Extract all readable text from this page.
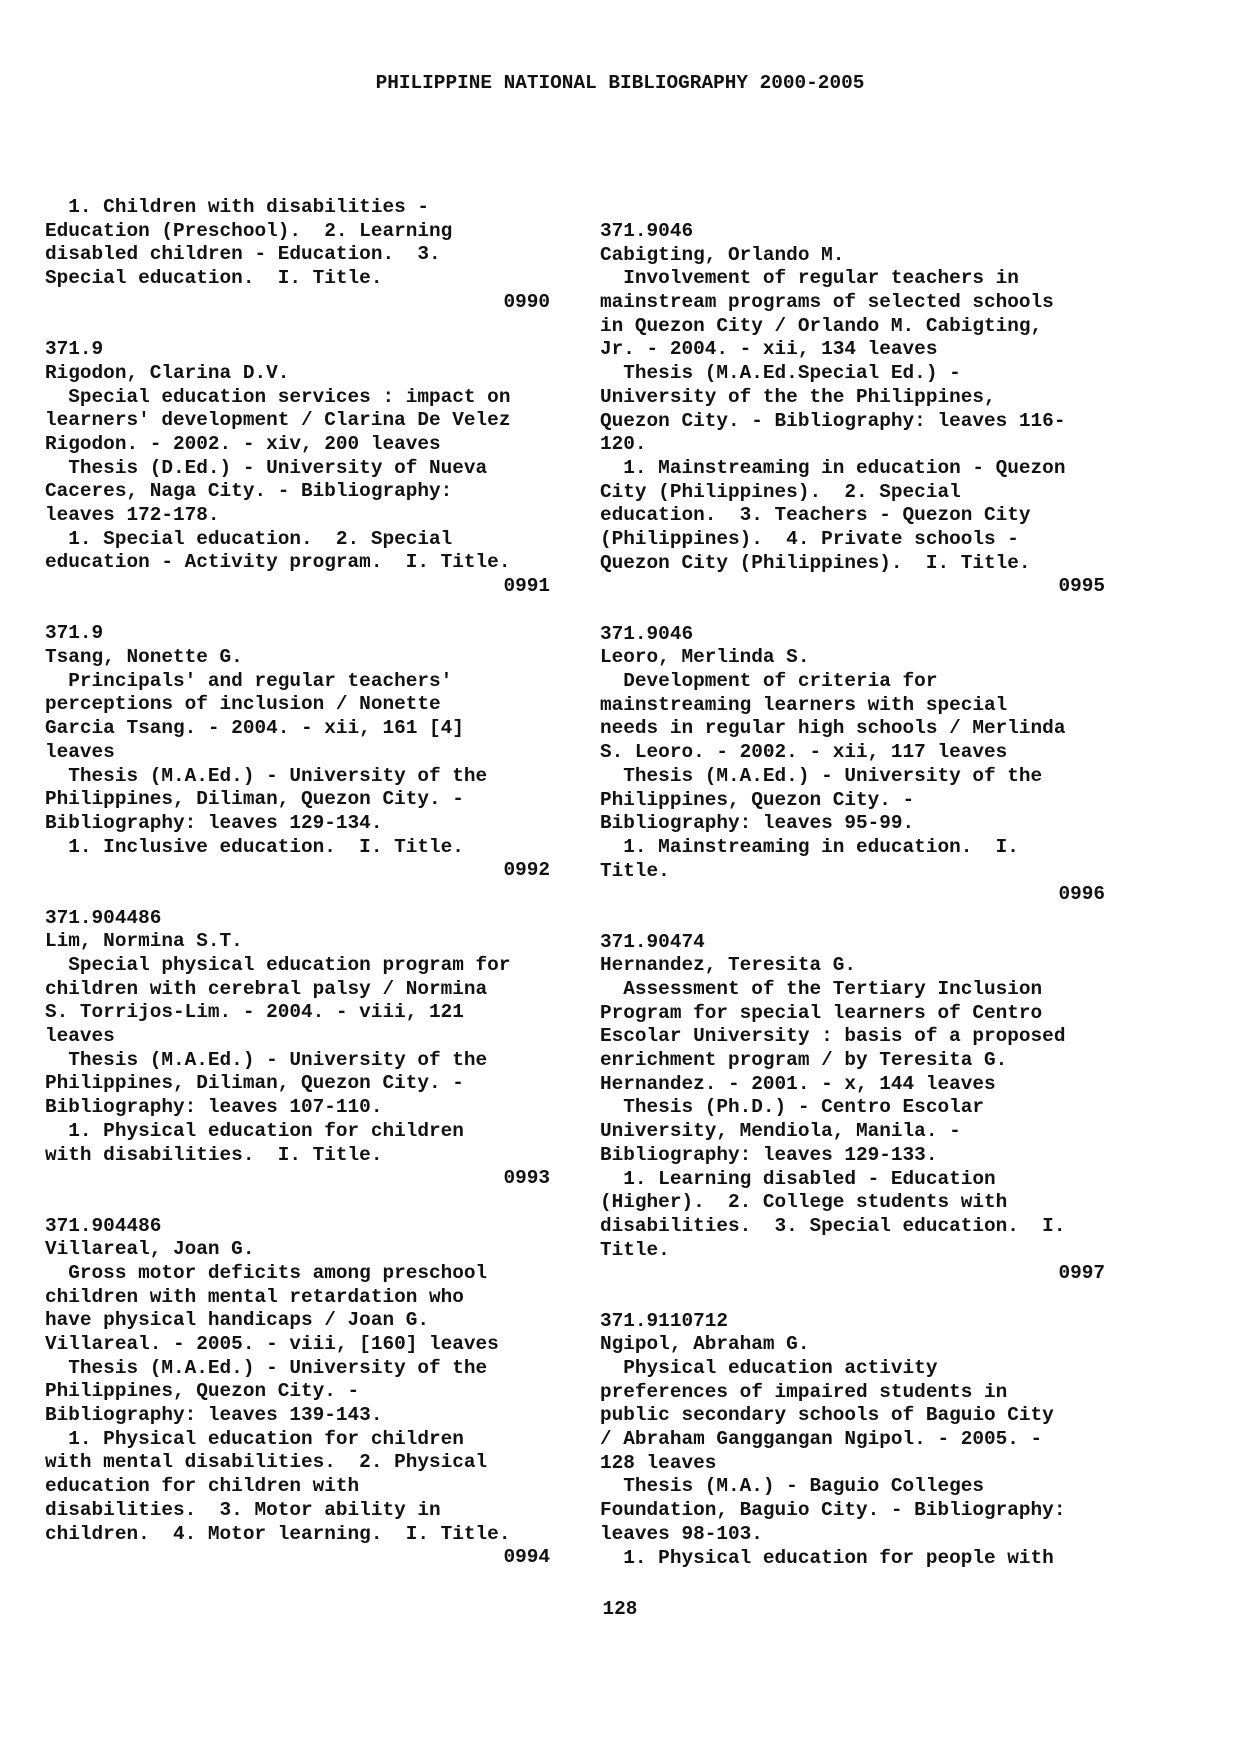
PHILIPPINE NATIONAL BIBLIOGRAPHY 2000-2005
1. Children with disabilities -
Education (Preschool).  2. Learning
disabled children - Education.  3.
Special education.  I. Title.
0990
371.9
Rigodon, Clarina D.V.
Special education services : impact on
learners' development / Clarina De Velez
Rigodon. - 2002. - xiv, 200 leaves
Thesis (D.Ed.) - University of Nueva
Caceres, Naga City. - Bibliography:
leaves 172-178.
1. Special education.  2. Special
education - Activity program.  I. Title.
0991
371.9
Tsang, Nonette G.
Principals' and regular teachers'
perceptions of inclusion / Nonette
Garcia Tsang. - 2004. - xii, 161 [4]
leaves
Thesis (M.A.Ed.) - University of the
Philippines, Diliman, Quezon City. -
Bibliography: leaves 129-134.
1. Inclusive education.  I. Title.
0992
371.904486
Lim, Normina S.T.
Special physical education program for
children with cerebral palsy / Normina
S. Torrijos-Lim. - 2004. - viii, 121
leaves
Thesis (M.A.Ed.) - University of the
Philippines, Diliman, Quezon City. -
Bibliography: leaves 107-110.
1. Physical education for children
with disabilities.  I. Title.
0993
371.904486
Villareal, Joan G.
Gross motor deficits among preschool
children with mental retardation who
have physical handicaps / Joan G.
Villareal. - 2005. - viii, [160] leaves
Thesis (M.A.Ed.) - University of the
Philippines, Quezon City. -
Bibliography: leaves 139-143.
1. Physical education for children
with mental disabilities.  2. Physical
education for children with
disabilities.  3. Motor ability in
children.  4. Motor learning.  I. Title.
0994
371.9046
Cabigting, Orlando M.
Involvement of regular teachers in
mainstream programs of selected schools
in Quezon City / Orlando M. Cabigting,
Jr. - 2004. - xii, 134 leaves
Thesis (M.A.Ed.Special Ed.) -
University of the the Philippines,
Quezon City. - Bibliography: leaves 116-
120.
1. Mainstreaming in education - Quezon
City (Philippines).  2. Special
education.  3. Teachers - Quezon City
(Philippines).  4. Private schools -
Quezon City (Philippines).  I. Title.
0995
371.9046
Leoro, Merlinda S.
Development of criteria for
mainstreaming learners with special
needs in regular high schools / Merlinda
S. Leoro. - 2002. - xii, 117 leaves
Thesis (M.A.Ed.) - University of the
Philippines, Quezon City. -
Bibliography: leaves 95-99.
1. Mainstreaming in education.  I.
Title.
0996
371.90474
Hernandez, Teresita G.
Assessment of the Tertiary Inclusion
Program for special learners of Centro
Escolar University : basis of a proposed
enrichment program / by Teresita G.
Hernandez. - 2001. - x, 144 leaves
Thesis (Ph.D.) - Centro Escolar
University, Mendiola, Manila. -
Bibliography: leaves 129-133.
1. Learning disabled - Education
(Higher).  2. College students with
disabilities.  3. Special education.  I.
Title.
0997
371.9110712
Ngipol, Abraham G.
Physical education activity
preferences of impaired students in
public secondary schools of Baguio City
/ Abraham Ganggangan Ngipol. - 2005. -
128 leaves
Thesis (M.A.) - Baguio Colleges
Foundation, Baguio City. - Bibliography:
leaves 98-103.
1. Physical education for people with
128
